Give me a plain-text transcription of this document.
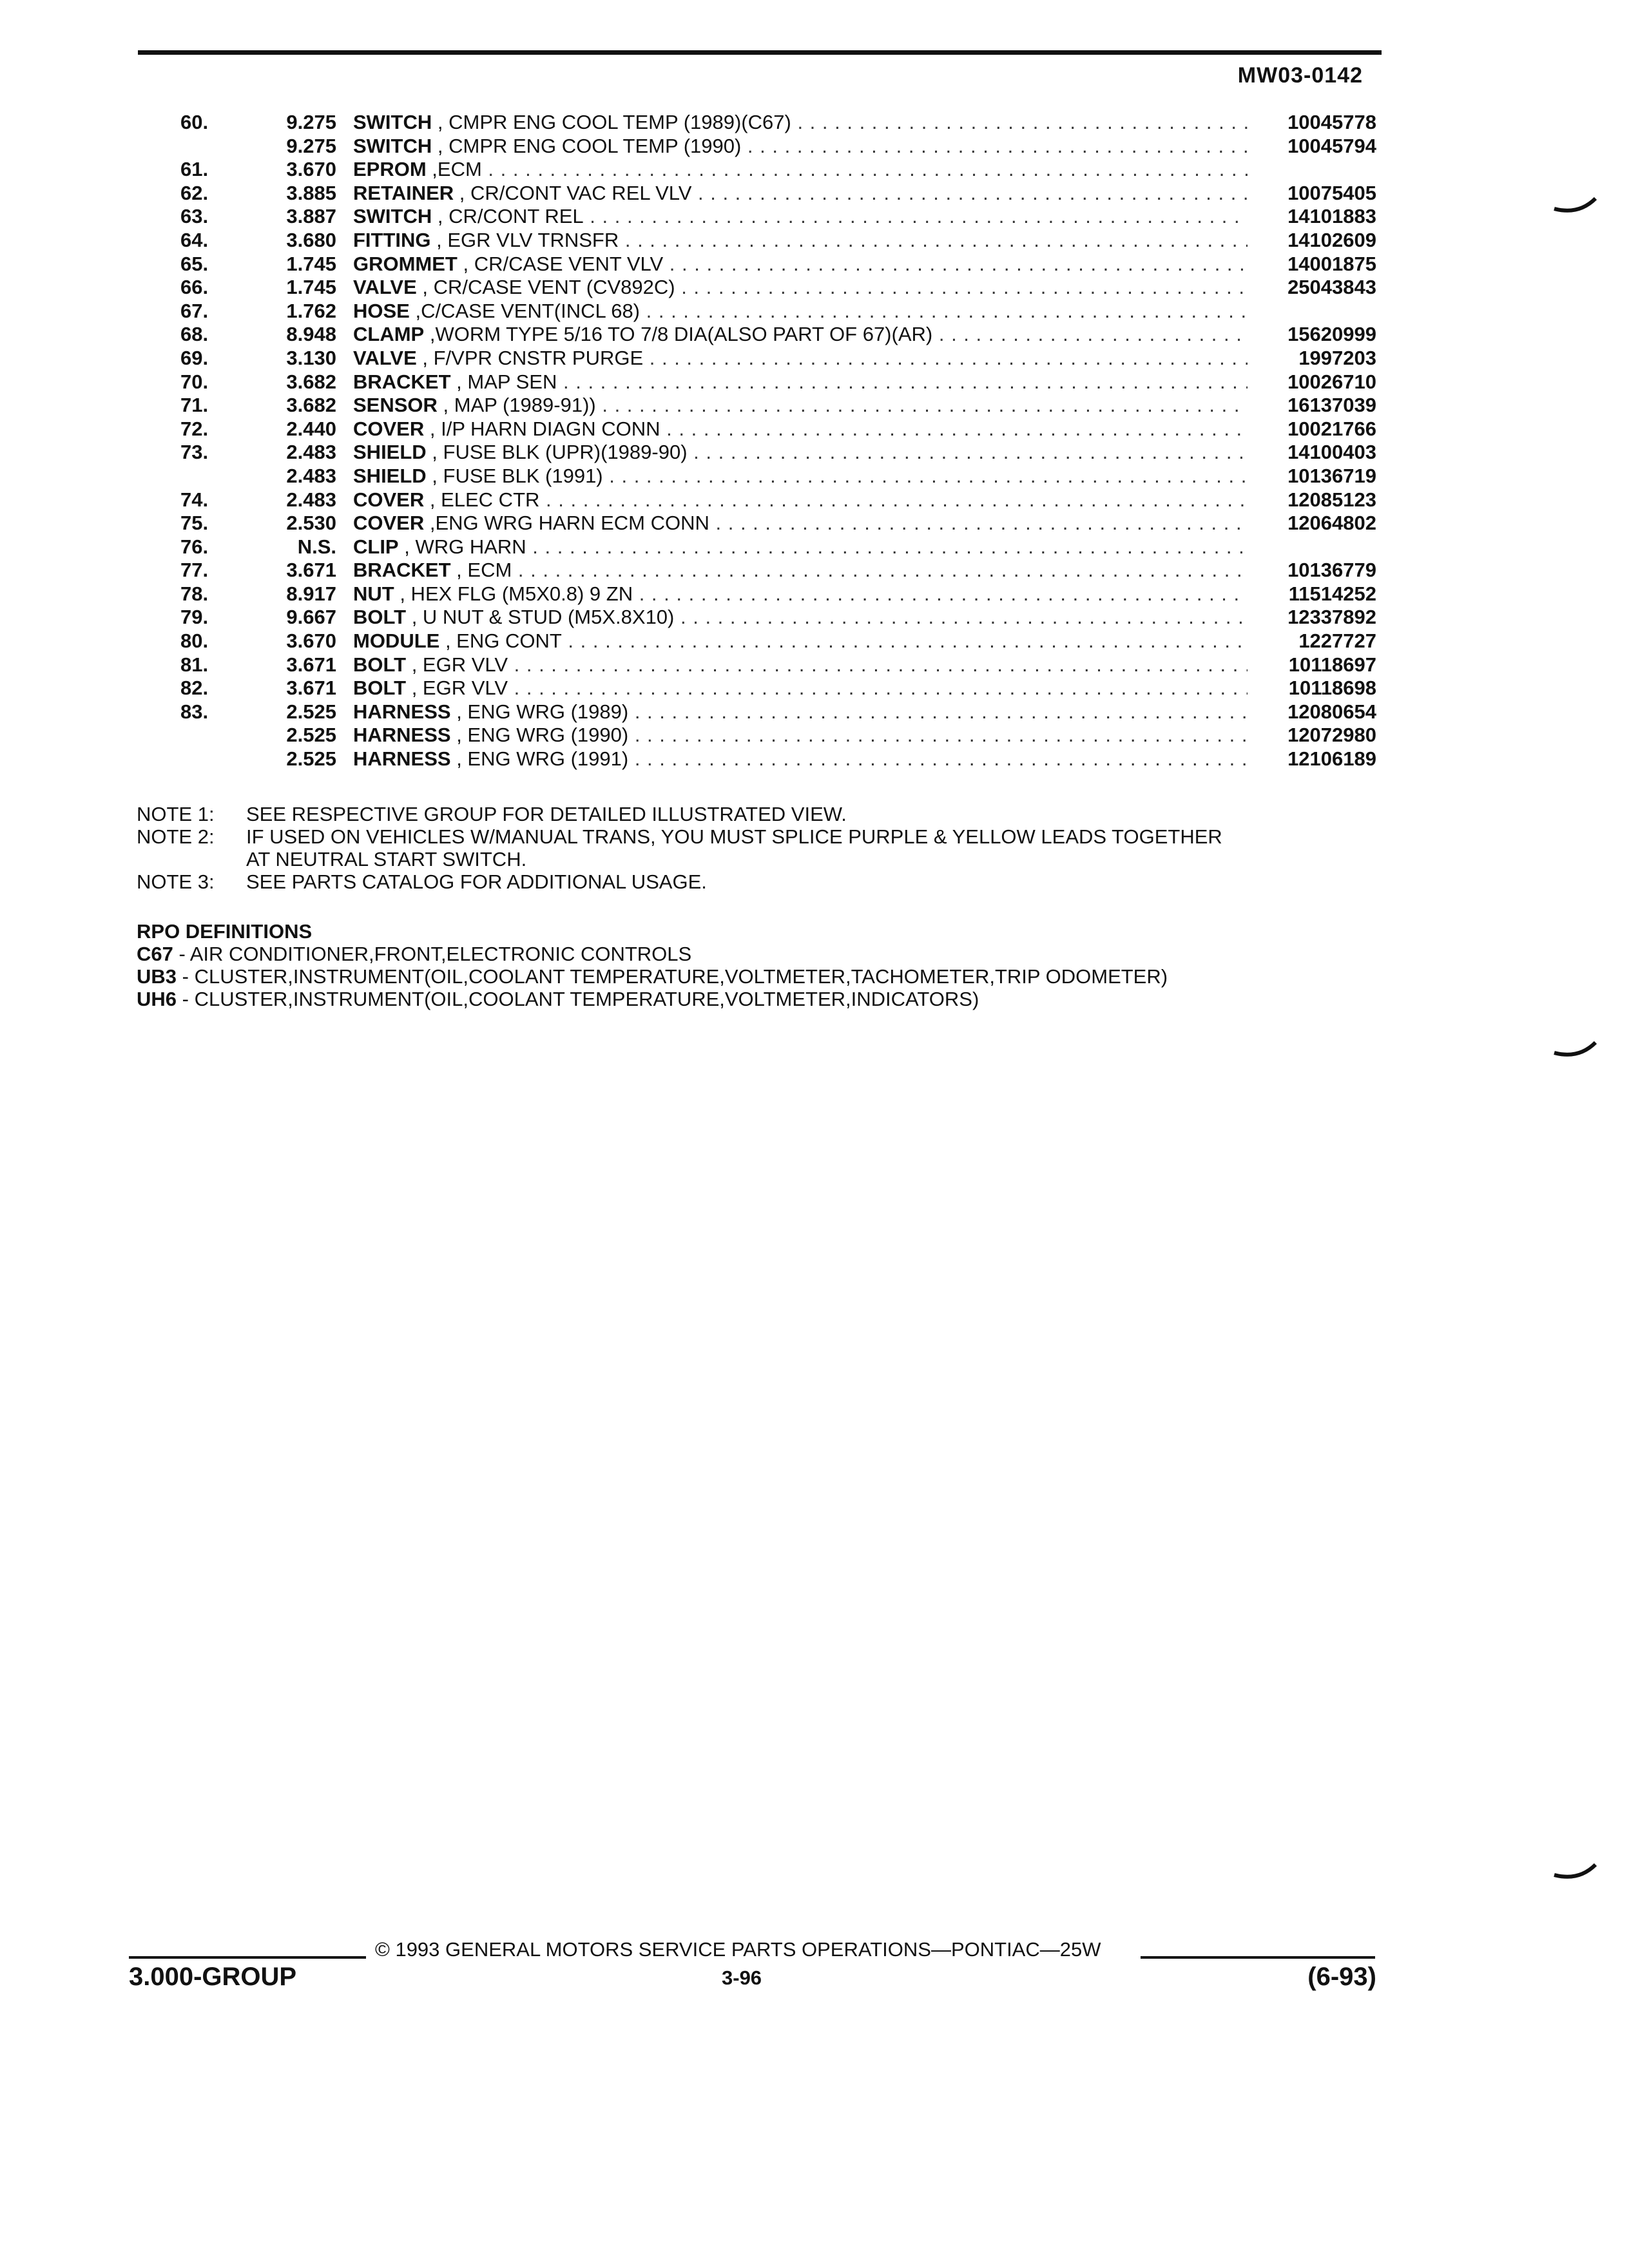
MW03-0142
60.	9.275 SWITCH , CMPR ENG COOL TEMP (1989)(C67) . . .	10045778
9.275 SWITCH , CMPR ENG COOL TEMP (1990) . . .	10045794
61.	3.670 EPROM ,ECM . . .
62.	3.885 RETAINER , CR/CONT VAC REL VLV . . .	10075405
63.	3.887 SWITCH , CR/CONT REL . . .	14101883
64.	3.680 FITTING , EGR VLV TRNSFR . . .	14102609
65.	1.745 GROMMET , CR/CASE VENT VLV . . .	14001875
66.	1.745 VALVE , CR/CASE VENT (CV892C) . . .	25043843
67.	1.762 HOSE ,C/CASE VENT(INCL 68) . . .
68.	8.948 CLAMP ,WORM TYPE 5/16 TO 7/8 DIA(ALSO PART OF 67)(AR) . . .	15620999
69.	3.130 VALVE , F/VPR CNSTR PURGE . . .	1997203
70.	3.682 BRACKET , MAP SEN . . .	10026710
71.	3.682 SENSOR , MAP (1989-91)) . . .	16137039
72.	2.440 COVER , I/P HARN DIAGN CONN . . .	10021766
73.	2.483 SHIELD , FUSE BLK (UPR)(1989-90) . . .	14100403
2.483 SHIELD , FUSE BLK (1991) . . .	10136719
74.	2.483 COVER , ELEC CTR . . .	12085123
75.	2.530 COVER ,ENG WRG HARN ECM CONN . . .	12064802
76.	N.S. CLIP , WRG HARN . . .
77.	3.671 BRACKET , ECM . . .	10136779
78.	8.917 NUT , HEX FLG (M5X0.8) 9 ZN . . .	11514252
79.	9.667 BOLT , U NUT & STUD (M5X.8X10) . . .	12337892
80.	3.670 MODULE , ENG CONT . . .	1227727
81.	3.671 BOLT , EGR VLV . . .	10118697
82.	3.671 BOLT , EGR VLV . . .	10118698
83.	2.525 HARNESS , ENG WRG (1989) . . .	12080654
2.525 HARNESS , ENG WRG (1990) . . .	12072980
2.525 HARNESS , ENG WRG (1991) . . .	12106189
NOTE 1: SEE RESPECTIVE GROUP FOR DETAILED ILLUSTRATED VIEW.
NOTE 2: IF USED ON VEHICLES W/MANUAL TRANS, YOU MUST SPLICE PURPLE & YELLOW LEADS TOGETHER
AT NEUTRAL START SWITCH.
NOTE 3: SEE PARTS CATALOG FOR ADDITIONAL USAGE.
RPO DEFINITIONS
C67 - AIR CONDITIONER,FRONT,ELECTRONIC CONTROLS
UB3 - CLUSTER,INSTRUMENT(OIL,COOLANT TEMPERATURE,VOLTMETER,TACHOMETER,TRIP ODOMETER)
UH6 - CLUSTER,INSTRUMENT(OIL,COOLANT TEMPERATURE,VOLTMETER,INDICATORS)
© 1993 GENERAL MOTORS SERVICE PARTS OPERATIONS—PONTIAC—25W
3.000-GROUP	3-96	(6-93)
